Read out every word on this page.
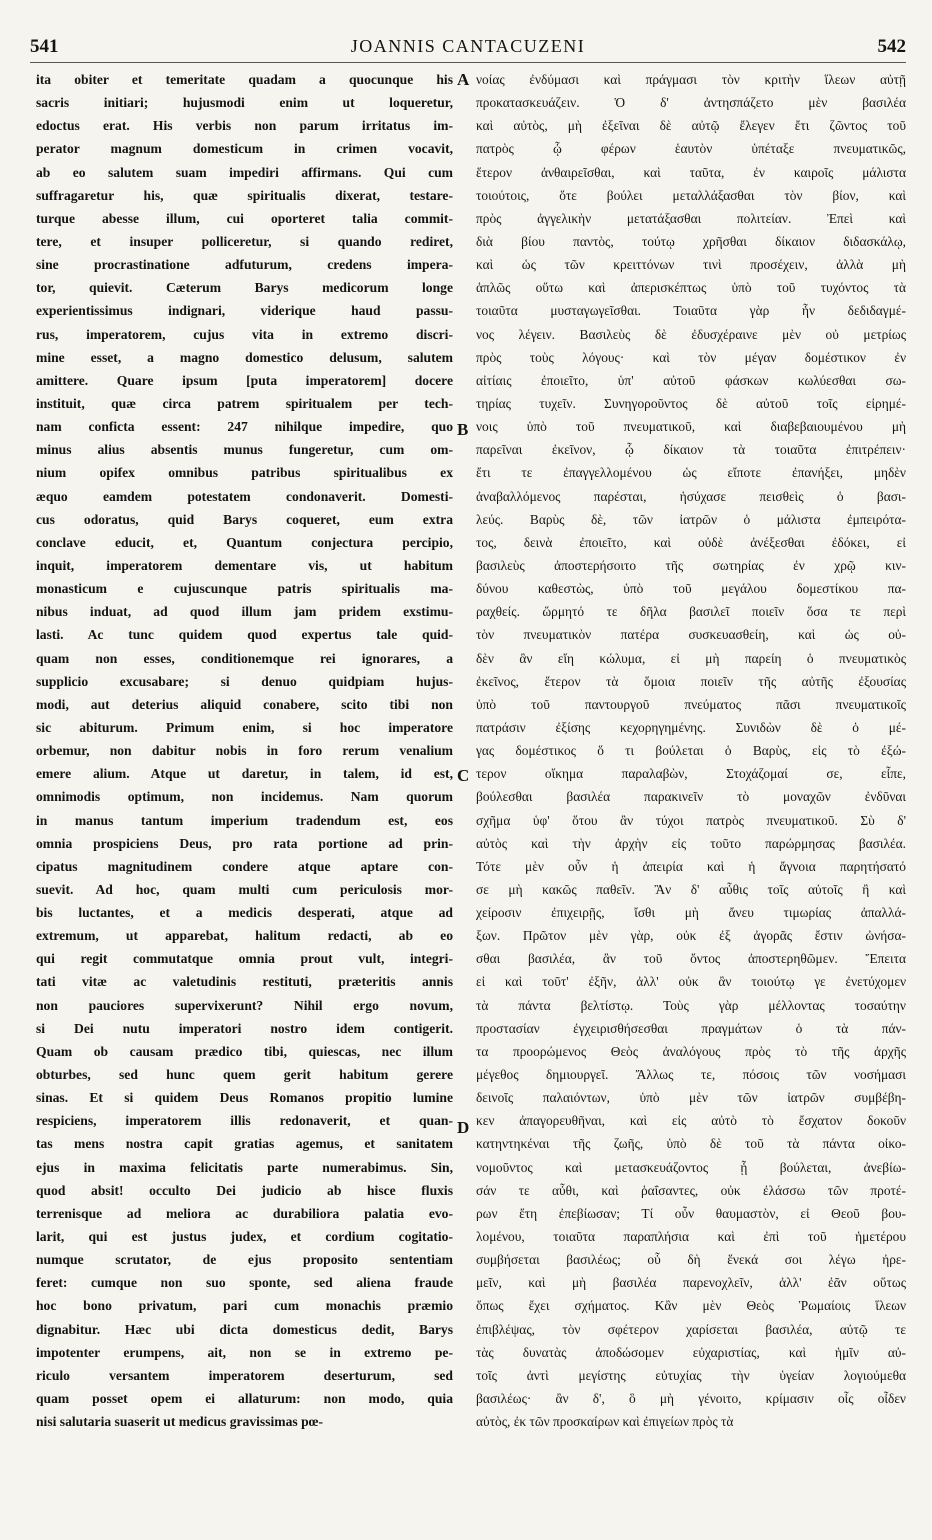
541	JOANNIS CANTACUZENI	542
ita obiter et temeritate quadam a quocunque his
sacris initiari; hujusmodi enim ut loqueretur,
edoctus erat. His verbis non parum irritatus im-
perator magnum domesticum in crimen vocavit,
ab eo salutem suam impediri affirmans. Qui cum
suffragaretur his, quæ spiritualis dixerat, testare-
turque abesse illum, cui oporteret talia commit-
tere, et insuper polliceretur, si quando rediret,
sine procrastinatione adfuturum, credens impera-
tor, quievit. Cæterum Barys medicorum longe
experientissimus indignari, viderique haud passu-
rus, imperatorem, cujus vita in extremo discri-
mine esset, a magno domestico delusum, salutem
amittere. Quare ipsum [puta imperatorem] docere
instituit, quæ circa patrem spiritualem per tech-
nam conficta essent: 247 nihilque impedire, quo
minus alius absentis munus fungeretur, cum om-
nium opifex omnibus patribus spiritualibus ex
æquo eamdem potestatem condonaverit. Domesti-
cus odoratus, quid Barys coqueret, eum extra
conclave educit, et, Quantum conjectura percipio,
inquit, imperatorem dementare vis, ut habitum
monasticum e cujuscunque patris spiritualis ma-
nibus induat, ad quod illum jam pridem exstimu-
lasti. Ac tunc quidem quod expertus tale quid-
quam non esses, conditionemque rei ignorares, a
supplicio excusabare; si denuo quidpiam hujus-
modi, aut deterius aliquid conabere, scito tibi non
sic abiturum. Primum enim, si hoc imperatore
orbemur, non dabitur nobis in foro rerum venalium
emere alium. Atque ut daretur, in talem, id est,
omnimodis optimum, non incidemus. Nam quorum
in manus tantum imperium tradendum est, eos
omnia prospiciens Deus, pro rata portione ad prin-
cipatus magnitudinem condere atque aptare con-
suevit. Ad hoc, quam multi cum periculosis mor-
bis luctantes, et a medicis desperati, atque ad
extremum, ut apparebat, halitum redacti, ab eo
qui regit commutatque omnia prout vult, integri-
tati vitæ ac valetudinis restituti, præteritis annis
non pauciores supervixerunt? Nihil ergo novum,
si Dei nutu imperatori nostro idem contigerit.
Quam ob causam prædico tibi, quiescas, nec illum
obturbes, sed hunc quem gerit habitum gerere
sinas. Et si quidem Deus Romanos propitio lumine
respiciens, imperatorem illis redonaverit, et quan-
tas mens nostra capit gratias agemus, et sanitatem
ejus in maxima felicitatis parte numerabimus. Sin,
quod absit! occulto Dei judicio ab hisce fluxis
terrenisque ad meliora ac durabiliora palatia evo-
larit, qui est justus judex, et cordium cogitatio-
numque scrutator, de ejus proposito sententiam
feret: cumque non suo sponte, sed aliena fraude
hoc bono privatum, pari cum monachis præmio
dignabitur. Hæc ubi dicta domesticus dedit, Barys
impotenter erumpens, ait, non se in extremo pe-
riculo versantem imperatorem deserturum, sed
quam posset opem ei allaturum: non modo, quia
nisi salutaria suaserit ut medicus gravissimas pœ-
νοίας ἐνδύμασι καὶ πράγμασι τὸν κριτὴν ἵλεων αὐτῇ
προκατασκευάζειν. Ὁ δ' ἀντησπάζετο μὲν βασιλέα
καὶ αὐτὸς, μὴ ἐξεῖναι δὲ αὐτῷ ἔλεγεν ἔτι ζῶντος τοῦ
πατρὸς ᾧ φέρων ἑαυτὸν ὑπέταξε πνευματικῶς,
ἕτερον ἀνθαιρεῖσθαι, καὶ ταῦτα, ἐν καιροῖς μάλιστα
τοιούτοις, ὅτε βούλει μεταλλάξασθαι τὸν βίον, καὶ
πρὸς ἀγγελικὴν μετατάξασθαι πολιτείαν. Ἐπεὶ καὶ
διὰ βίου παντὸς, τούτῳ χρῆσθαι δίκαιον διδασκάλῳ,
καὶ ὡς τῶν κρειττόνων τινὶ προσέχειν, ἀλλὰ μὴ
ἁπλῶς οὕτω καὶ ἀπερισκέπτως ὑπὸ τοῦ τυχόντος τὰ
τοιαῦτα μυσταγωγεῖσθαι. Τοιαῦτα γὰρ ἦν δεδιδαγμέ-
νος λέγειν. Βασιλεὺς δὲ ἐδυσχέραινε μὲν οὐ μετρίως
πρὸς τοὺς λόγους· καὶ τὸν μέγαν δομέστικον ἐν
αἰτίαις ἐποιεῖτο, ὑπ' αὐτοῦ φάσκων κωλύεσθαι σω-
τηρίας τυχεῖν. Συνηγοροῦντος δὲ αὐτοῦ τοῖς εἰρημέ-
νοις ὑπὸ τοῦ πνευματικοῦ, καὶ διαβεβαιουμένου μὴ
παρεῖναι ἐκεῖνον, ᾧ δίκαιον τὰ τοιαῦτα ἐπιτρέπειν·
ἔτι τε ἐπαγγελλομένου ὡς εἴποτε ἐπανήξει, μηδὲν
ἀναβαλλόμενος παρέσται, ἡσύχασε πεισθεὶς ὁ βασι-
λεύς. Βαρὺς δὲ, τῶν ἰατρῶν ὁ μάλιστα ἐμπειρότα-
τος, δεινὰ ἐποιεῖτο, καὶ οὐδὲ ἀνέξεσθαι ἐδόκει, εἰ
βασιλεὺς ἀποστερήσοιτο τῆς σωτηρίας ἐν χρῷ κιν-
δύνου καθεστὼς, ὑπὸ τοῦ μεγάλου δομεστίκου πα-
ραχθείς. ὥρμητό τε δῆλα βασιλεῖ ποιεῖν ὅσα τε περὶ
τὸν πνευματικὸν πατέρα συσκευασθείη, καὶ ὡς οὐ-
δὲν ἂν εἴη κώλυμα, εἰ μὴ παρείη ὁ πνευματικὸς
ἐκεῖνος, ἕτερον τὰ ὅμοια ποιεῖν τῆς αὐτῆς ἐξουσίας
ὑπὸ τοῦ παντουργοῦ πνεύματος πᾶσι πνευματικοῖς
πατράσιν ἐξίσης κεχορηγημένης. Συνιδὼν δὲ ὁ μέ-
γας δομέστικος ὅ τι βούλεται ὁ Βαρὺς, εἰς τὸ ἐξώ-
τερον οἴκημα παραλαβὼν, Στοχάζομαί σε, εἶπε,
βούλεσθαι βασιλέα παρακινεῖν τὸ μοναχῶν ἐνδῦναι
σχῆμα ὑφ' ὅτου ἂν τύχοι πατρὸς πνευματικοῦ. Σὺ δ'
αὐτὸς καὶ τὴν ἀρχὴν εἰς τοῦτο παρώρμησας βασιλέα.
Τότε μὲν οὖν ἡ ἀπειρία καὶ ἡ ἄγνοια παρητήσατό
σε μὴ κακῶς παθεῖν. Ἂν δ' αὖθις τοῖς αὐτοῖς ἢ καὶ
χείροσιν ἐπιχειρῇς, ἴσθι μὴ ἄνευ τιμωρίας ἀπαλλά-
ξων. Πρῶτον μὲν γὰρ, οὐκ ἐξ ἀγορᾶς ἔστιν ὠνήσα-
σθαι βασιλέα, ἂν τοῦ ὄντος ἀποστερηθῶμεν. Ἔπειτα
εἰ καὶ τοῦτ' ἐξῆν, ἀλλ' οὐκ ἂν τοιούτῳ γε ἐνετύχομεν
τὰ πάντα βελτίστῳ. Τοὺς γὰρ μέλλοντας τοσαύτην
προστασίαν ἐγχειρισθήσεσθαι πραγμάτων ὁ τὰ πάν-
τα προορώμενος Θεὸς ἀναλόγους πρὸς τὸ τῆς ἀρχῆς
μέγεθος δημιουργεῖ. Ἄλλως τε, πόσοις τῶν νοσήμασι
δεινοῖς παλαιόντων, ὑπὸ μὲν τῶν ἰατρῶν συμβέβη-
κεν ἀπαγορευθῆναι, καὶ εἰς αὐτὸ τὸ ἔσχατον δοκοῦν
κατηντηκέναι τῆς ζωῆς, ὑπὸ δὲ τοῦ τὰ πάντα οἰκο-
νομοῦντος καὶ μετασκευάζοντος ᾗ βούλεται, ἀνεβίω-
σάν τε αὖθι, καὶ ῥαΐσαντες, οὐκ ἐλάσσω τῶν προτέ-
ρων ἔτη ἐπεβίωσαν; Τί οὖν θαυμαστὸν, εἰ Θεοῦ βου-
λομένου, τοιαῦτα παραπλήσια καὶ ἐπὶ τοῦ ἡμετέρου
συμβήσεται βασιλέως; οὗ δὴ ἕνεκά σοι λέγω ἠρε-
μεῖν, καὶ μὴ βασιλέα παρενοχλεῖν, ἀλλ' ἐᾶν οὕτως
ὅπως ἔχει σχήματος. Κἂν μὲν Θεὸς Ῥωμαίοις ἵλεων
ἐπιβλέψας, τὸν σφέτερον χαρίσεται βασιλέα, αὐτῷ τε
τὰς δυνατὰς ἀποδώσομεν εὐχαριστίας, καὶ ἡμῖν αὐ-
τοῖς ἀντὶ μεγίστης εὐτυχίας τὴν ὑγείαν λογιούμεθα
βασιλέως· ἂν δ', ὃ μὴ γένοιτο, κρίμασιν οἷς οἶδεν
αὐτὸς, ἐκ τῶν προσκαίρων καὶ ἐπιγείων πρὸς τὰ
A
B
C
D
